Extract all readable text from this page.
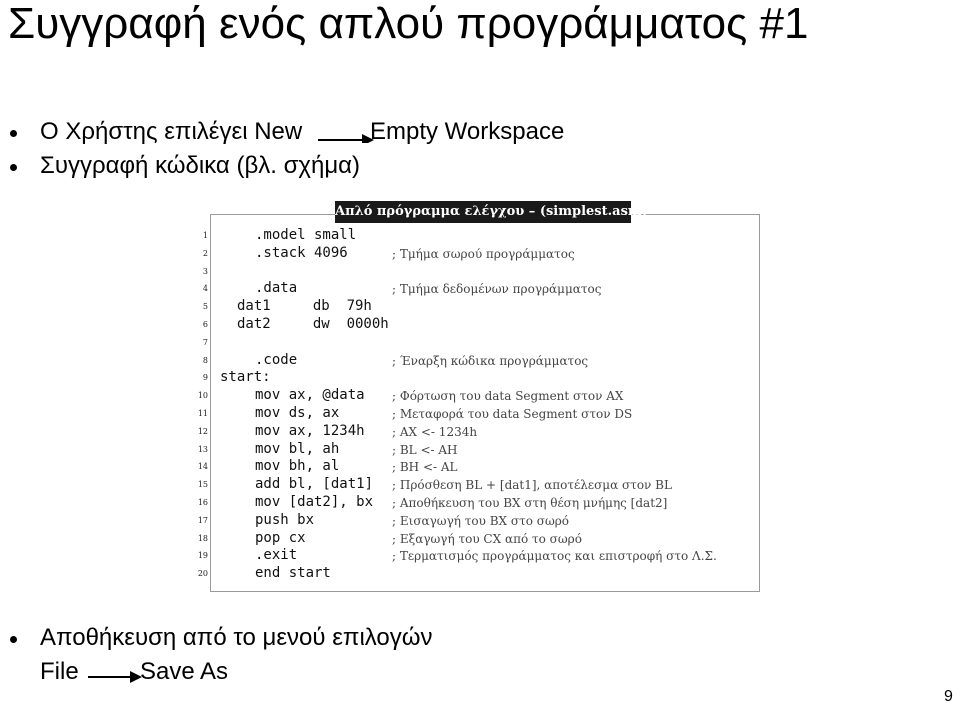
Συγγραφή ενός απλού προγράμματος #1
Ο Χρήστης επιλέγει New	Empty Workspace
Συγγραφή κώδικα (βλ. σχήμα)
Απλό πρόγραμμα ελέγχου – (simplest.asm)
1	.model small
2	.stack 4096	; Τμήμα σωρού προγράμματος
3
4	.data	; Τμήμα δεδομένων προγράμματος
5 dat1     db  79h
6 dat2     dw  0000h
7
8	.code	; Έναρξη κώδικα προγράμματος
9 start:
10	mov ax, @data ; Φόρτωση του data Segment στον AX
11	mov ds, ax	; Μεταφορά του data Segment στον DS
12	mov ax, 1234h ; AX <- 1234h
13	mov bl, ah	; BL <- AH
14	mov bh, al	; BH <- AL
15	add bl, [dat1] ; Πρόσθεση BL + [dat1], αποτέλεσμα στον BL
16	mov [dat2], bx ; Αποθήκευση του BX στη θέση μνήμης [dat2]
17	push bx	; Εισαγωγή του BX στο σωρό
18	pop cx	; Εξαγωγή του CX από το σωρό
19	.exit	; Τερματισμός προγράμματος και επιστροφή στο Λ.Σ.
20	end start
Αποθήκευση από το μενού επιλογών
File	Save As
9
